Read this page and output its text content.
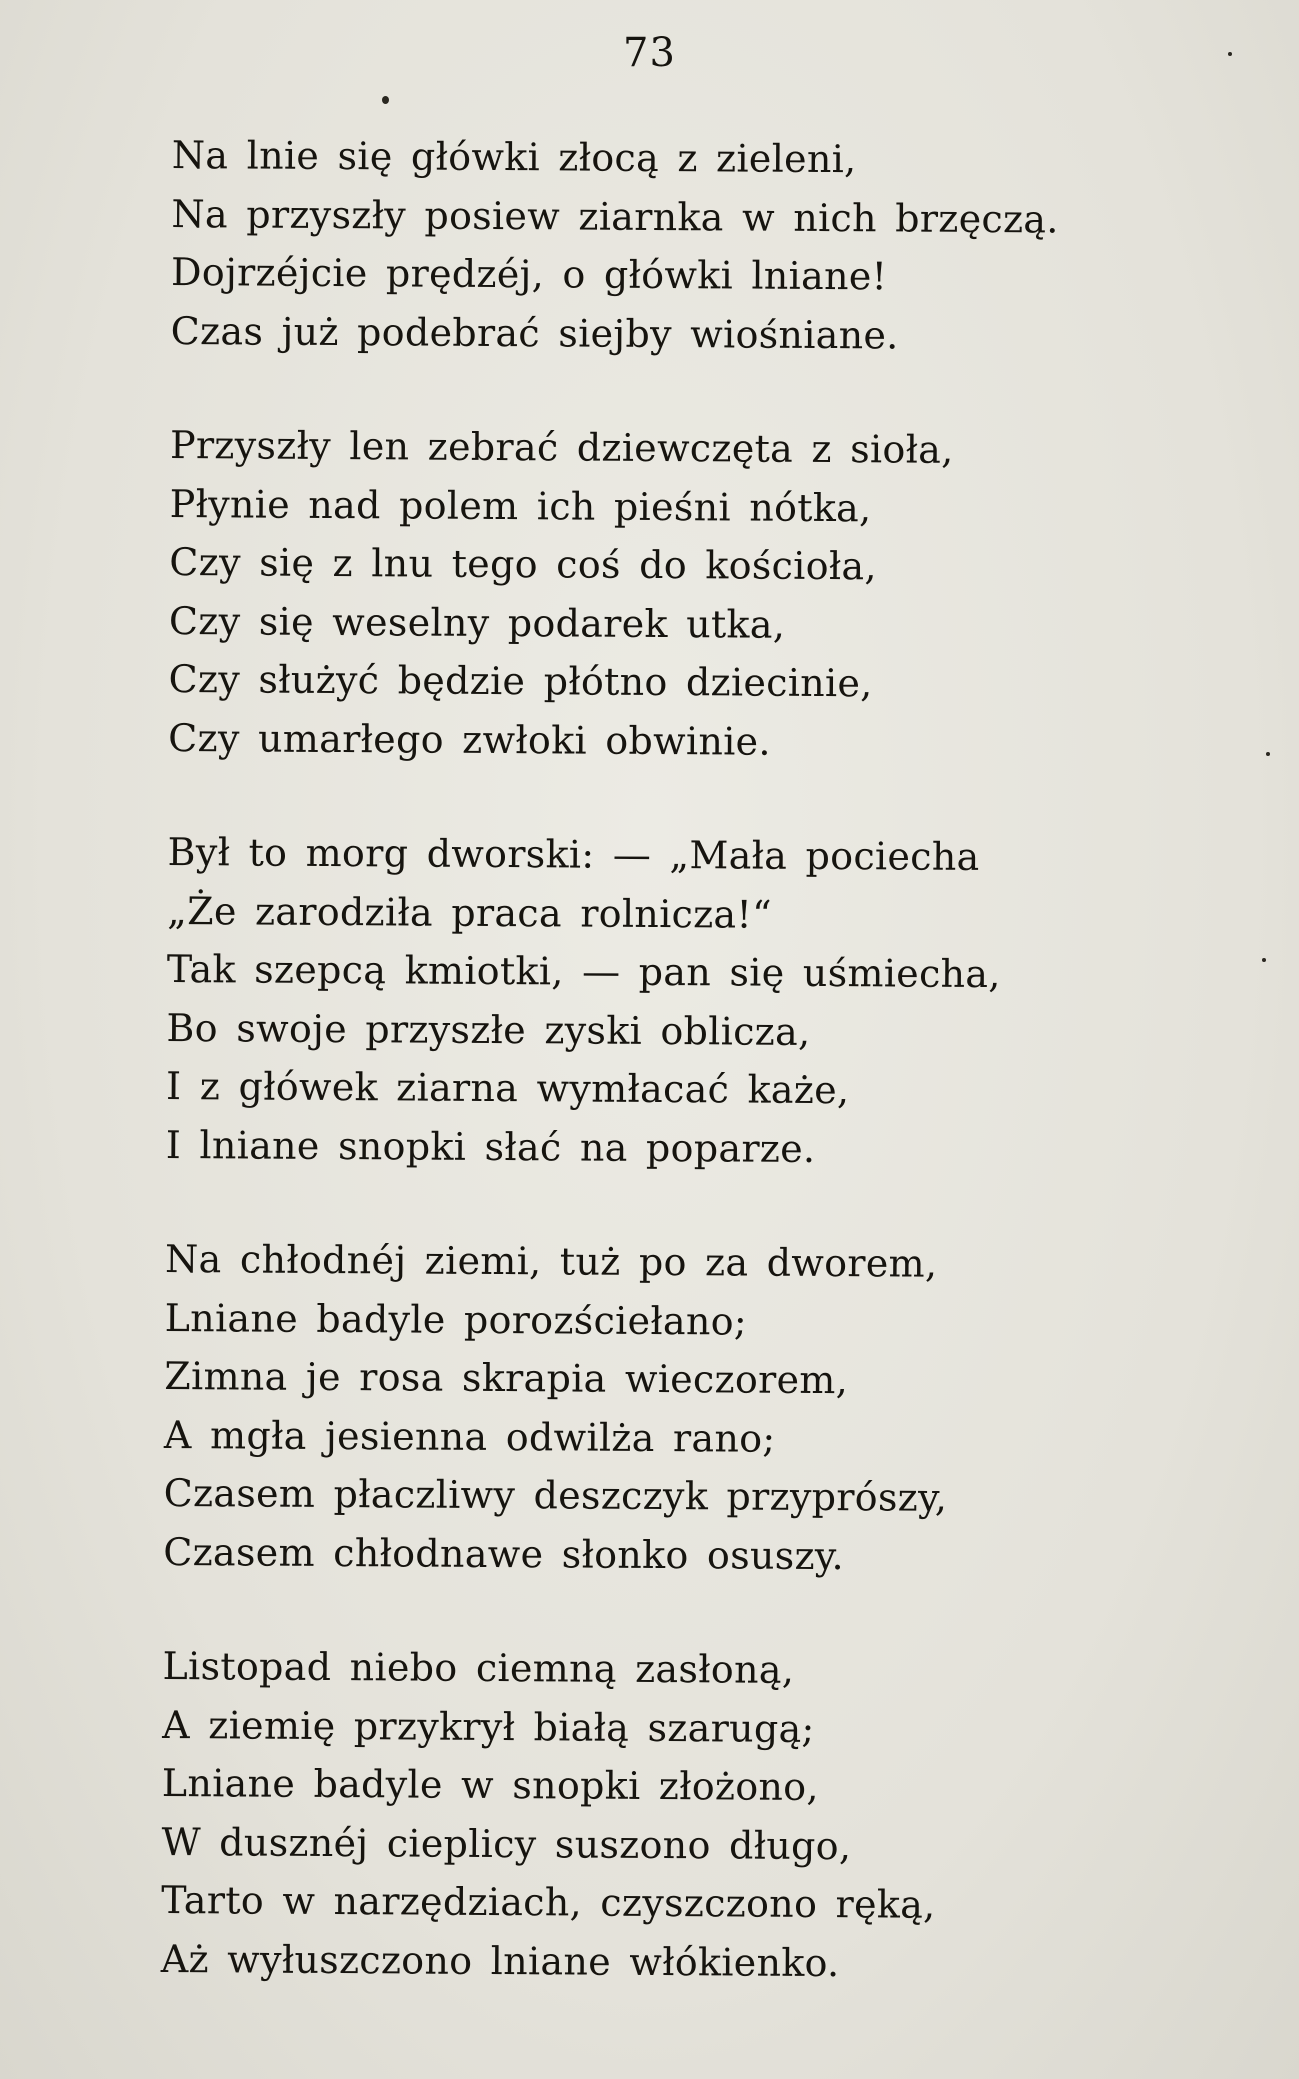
73
Na lnie się główki złocą z zieleni,
Na przyszły posiew ziarnka w nich brzęczą.
Dojrzéjcie prędzéj, o główki lniane!
Czas już podebrać siejby wiośniane.
Przyszły len zebrać dziewczęta z sioła,
Płynie nad polem ich pieśni nótka,
Czy się z lnu tego coś do kościoła,
Czy się weselny podarek utka,
Czy służyć będzie płótno dziecinie,
Czy umarłego zwłoki obwinie.
Był to morg dworski: — „Mała pociecha
„Że zarodziła praca rolnicza!“
Tak szepcą kmiotki, — pan się uśmiecha,
Bo swoje przyszłe zyski oblicza,
I z główek ziarna wymłacać każe,
I lniane snopki słać na poparze.
Na chłodnéj ziemi, tuż po za dworem,
Lniane badyle porozściełano;
Zimna je rosa skrapia wieczorem,
A mgła jesienna odwilża rano;
Czasem płaczliwy deszczyk przyprószy,
Czasem chłodnawe słonko osuszy.
Listopad niebo ciemną zasłoną,
A ziemię przykrył białą szarugą;
Lniane badyle w snopki złożono,
W dusznéj cieplicy suszono długo,
Tarto w narzędziach, czyszczono ręką,
Aż wyłuszczono lniane włókienko.
